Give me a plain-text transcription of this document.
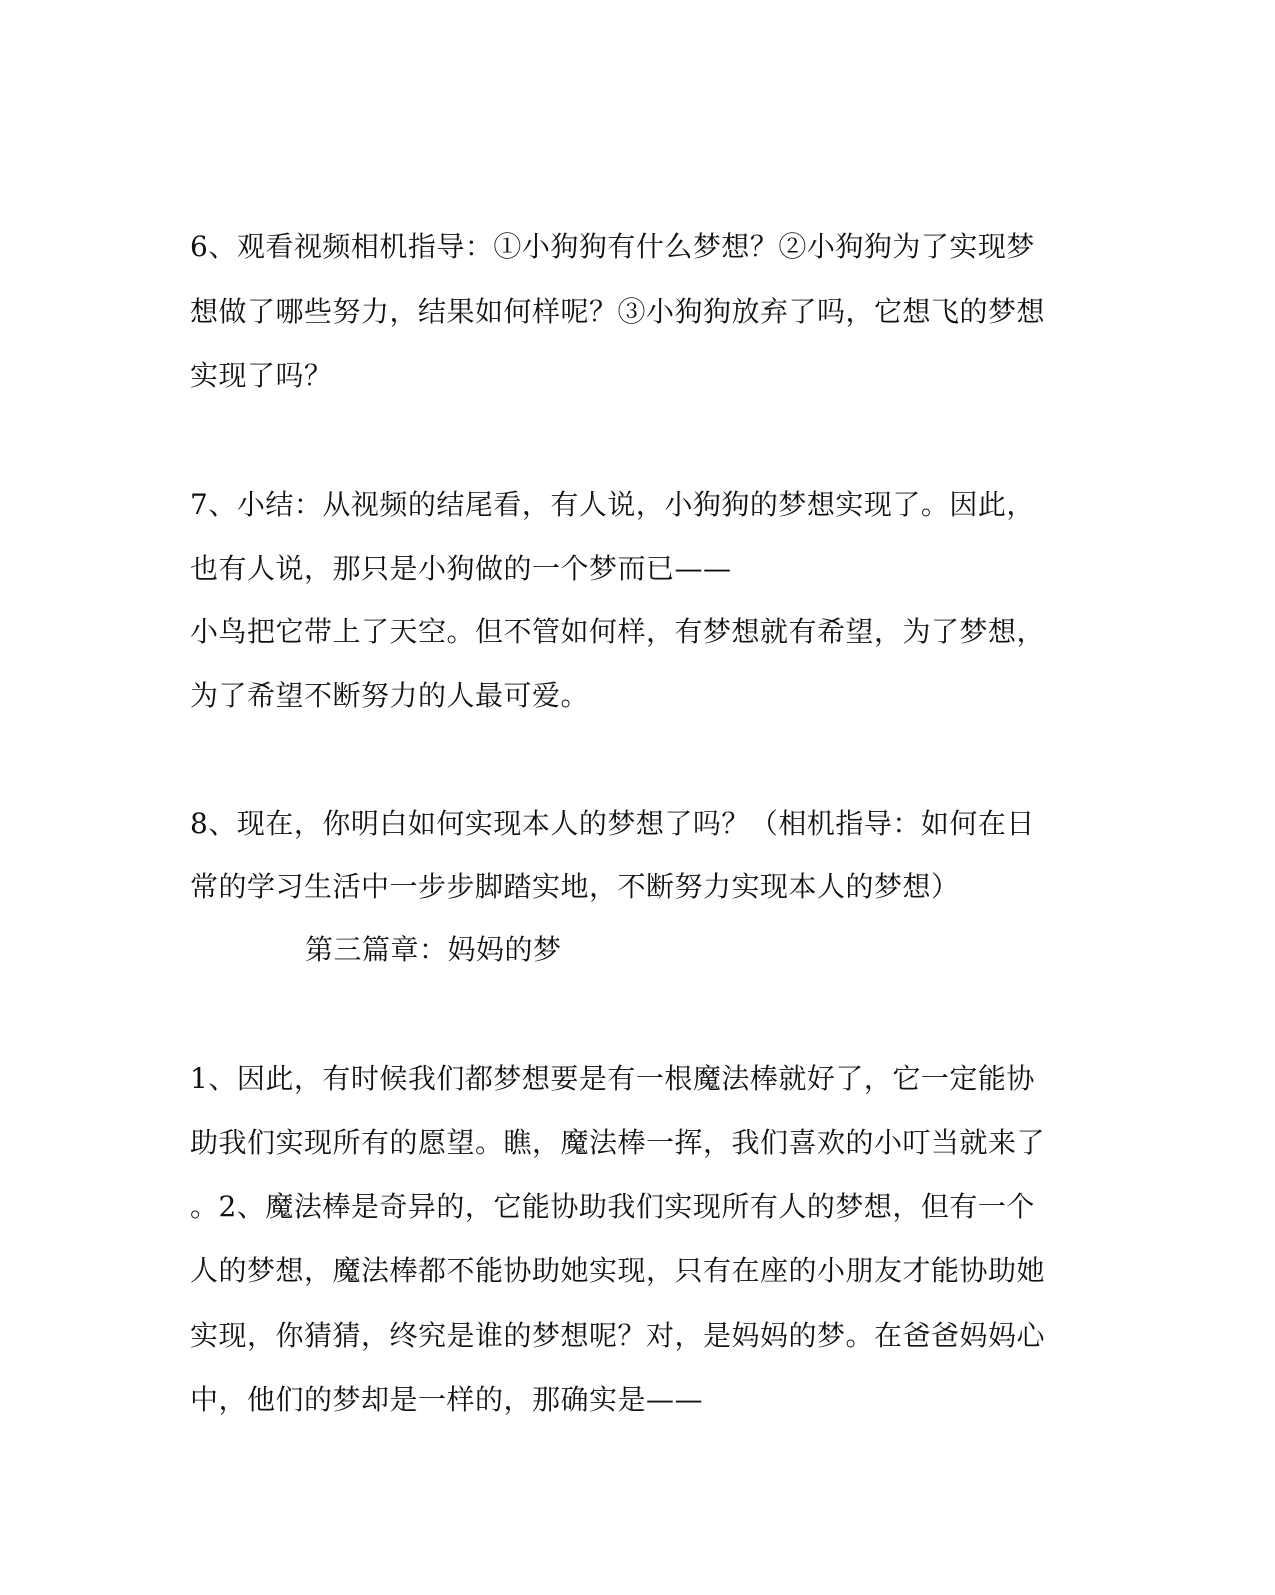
6、观看视频相机指导：①小狗狗有什么梦想？②小狗狗为了实现梦
想做了哪些努力，结果如何样呢？③小狗狗放弃了吗，它想飞的梦想
实现了吗？
7、小结：从视频的结尾看，有人说，小狗狗的梦想实现了。因此，
也有人说，那只是小狗做的一个梦而已——
小鸟把它带上了天空。但不管如何样，有梦想就有希望，为了梦想，
为了希望不断努力的人最可爱。
8、现在，你明白如何实现本人的梦想了吗？（相机指导：如何在日
常的学习生活中一步步脚踏实地，不断努力实现本人的梦想）
第三篇章：妈妈的梦
1、因此，有时候我们都梦想要是有一根魔法棒就好了，它一定能协
助我们实现所有的愿望。瞧，魔法棒一挥，我们喜欢的小叮当就来了
。2、魔法棒是奇异的，它能协助我们实现所有人的梦想，但有一个
人的梦想，魔法棒都不能协助她实现，只有在座的小朋友才能协助她
实现，你猜猜，终究是谁的梦想呢？对，是妈妈的梦。在爸爸妈妈心
中，他们的梦却是一样的，那确实是——
